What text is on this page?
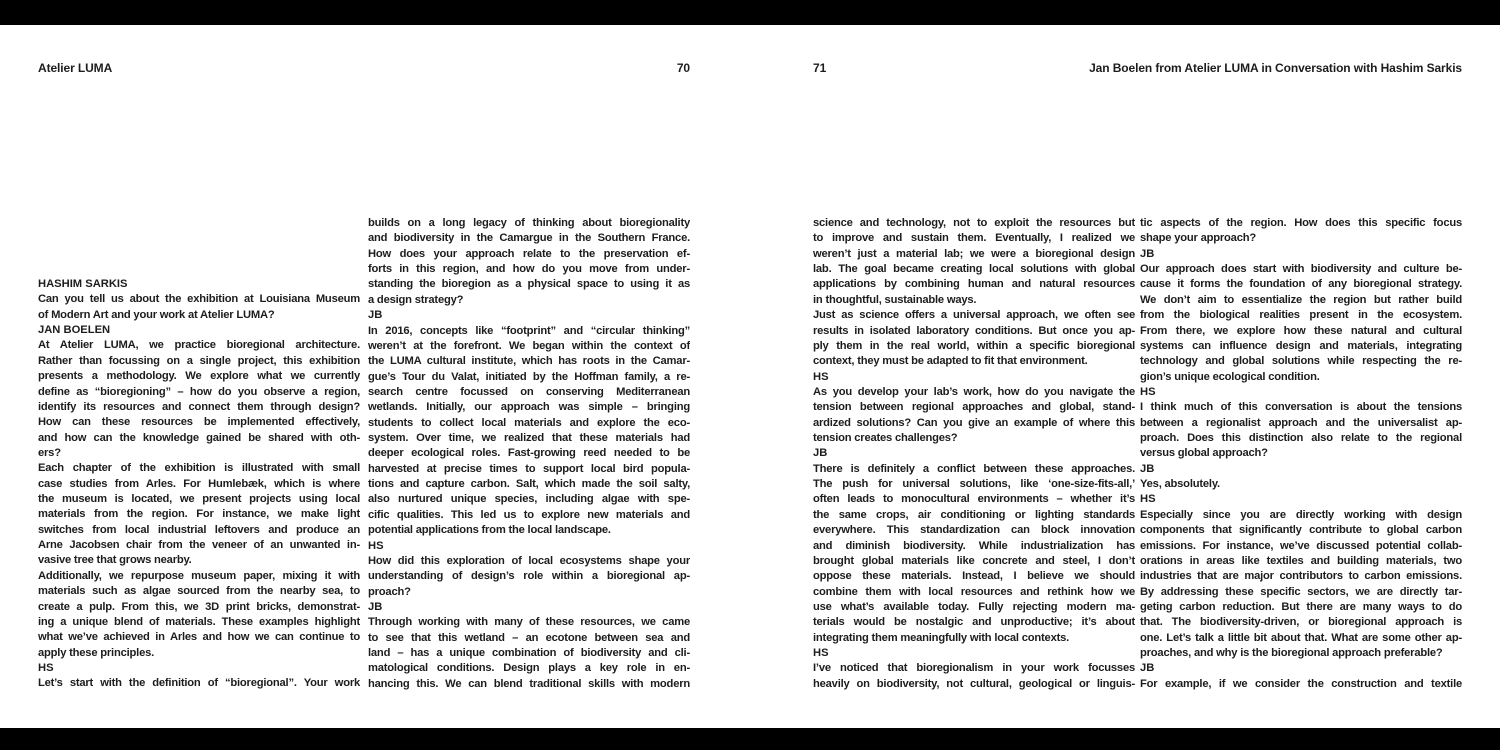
Atelier LUMA	70	71	Jan Boelen from Atelier LUMA in Conversation with Hashim Sarkis
HASHIM SARKIS
Can you tell us about the exhibition at Louisiana Museum
of Modern Art and your work at Atelier LUMA?
JAN BOELEN
At Atelier LUMA, we practice bioregional architecture.
Rather than focussing on a single project, this exhibition
presents a methodology. We explore what we currently
define as “bioregioning” – how do you observe a region,
identify its resources and connect them through design?
How can these resources be implemented effectively,
and how can the knowledge gained be shared with oth-
ers?
Each chapter of the exhibition is illustrated with small
case studies from Arles. For Humlebæk, which is where
the museum is located, we present projects using local
materials from the region. For instance, we make light
switches from local industrial leftovers and produce an
Arne Jacobsen chair from the veneer of an unwanted in-
vasive tree that grows nearby.
Additionally, we repurpose museum paper, mixing it with
materials such as algae sourced from the nearby sea, to
create a pulp. From this, we 3D print bricks, demonstrat-
ing a unique blend of materials. These examples highlight
what we’ve achieved in Arles and how we can continue to
apply these principles.
HS
Let’s start with the definition of “bioregional”. Your work
builds on a long legacy of thinking about bioregionality
and biodiversity in the Camargue in the Southern France.
How does your approach relate to the preservation ef-
forts in this region, and how do you move from under-
standing the bioregion as a physical space to using it as
a design strategy?
JB
In 2016, concepts like “footprint” and “circular thinking”
weren’t at the forefront. We began within the context of
the LUMA cultural institute, which has roots in the Camar-
gue’s Tour du Valat, initiated by the Hoffman family, a re-
search centre focussed on conserving Mediterranean
wetlands. Initially, our approach was simple – bringing
students to collect local materials and explore the eco-
system. Over time, we realized that these materials had
deeper ecological roles. Fast-growing reed needed to be
harvested at precise times to support local bird popula-
tions and capture carbon. Salt, which made the soil salty,
also nurtured unique species, including algae with spe-
cific qualities. This led us to explore new materials and
potential applications from the local landscape.
HS
How did this exploration of local ecosystems shape your
understanding of design’s role within a bioregional ap-
proach?
JB
Through working with many of these resources, we came
to see that this wetland – an ecotone between sea and
land – has a unique combination of biodiversity and cli-
matological conditions. Design plays a key role in en-
hancing this. We can blend traditional skills with modern
science and technology, not to exploit the resources but
to improve and sustain them. Eventually, I realized we
weren’t just a material lab; we were a bioregional design
lab. The goal became creating local solutions with global
applications by combining human and natural resources
in thoughtful, sustainable ways.
Just as science offers a universal approach, we often see
results in isolated laboratory conditions. But once you ap-
ply them in the real world, within a specific bioregional
context, they must be adapted to fit that environment.
HS
As you develop your lab’s work, how do you navigate the
tension between regional approaches and global, stand-
ardized solutions? Can you give an example of where this
tension creates challenges?
JB
There is definitely a conflict between these approaches.
The push for universal solutions, like ‘one-size-fits-all,’
often leads to monocultural environments – whether it’s
the same crops, air conditioning or lighting standards
everywhere. This standardization can block innovation
and diminish biodiversity. While industrialization has
brought global materials like concrete and steel, I don’t
oppose these materials. Instead, I believe we should
combine them with local resources and rethink how we
use what’s available today. Fully rejecting modern ma-
terials would be nostalgic and unproductive; it’s about
integrating them meaningfully with local contexts.
HS
I’ve noticed that bioregionalism in your work focusses
heavily on biodiversity, not cultural, geological or linguis-
tic aspects of the region. How does this specific focus
shape your approach?
JB
Our approach does start with biodiversity and culture be-
cause it forms the foundation of any bioregional strategy.
We don’t aim to essentialize the region but rather build
from the biological realities present in the ecosystem.
From there, we explore how these natural and cultural
systems can influence design and materials, integrating
technology and global solutions while respecting the re-
gion’s unique ecological condition.
HS
I think much of this conversation is about the tensions
between a regionalist approach and the universalist ap-
proach. Does this distinction also relate to the regional
versus global approach?
JB
Yes, absolutely.
HS
Especially since you are directly working with design
components that significantly contribute to global carbon
emissions. For instance, we’ve discussed potential collab-
orations in areas like textiles and building materials, two
industries that are major contributors to carbon emissions.
By addressing these specific sectors, we are directly tar-
geting carbon reduction. But there are many ways to do
that. The biodiversity-driven, or bioregional approach is
one. Let’s talk a little bit about that. What are some other ap-
proaches, and why is the bioregional approach preferable?
JB
For example, if we consider the construction and textile
